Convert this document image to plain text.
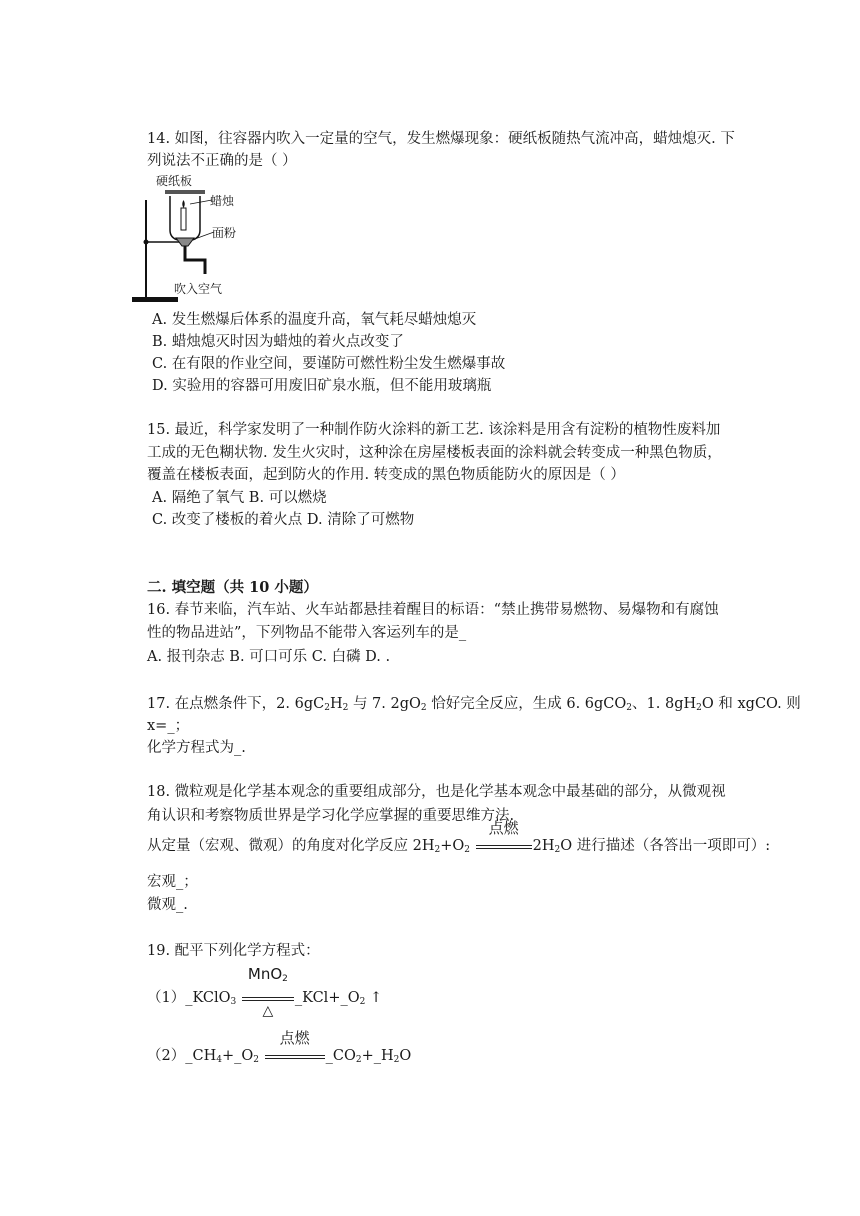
14. 如图，往容器内吹入一定量的空气，发生燃爆现象：硬纸板随热气流冲高，蜡烛熄灭. 下
列说法不正确的是（ ）
硬纸板
蜡烛
面粉
吹入空气
A. 发生燃爆后体系的温度升高，氧气耗尽蜡烛熄灭
B. 蜡烛熄灭时因为蜡烛的着火点改变了
C. 在有限的作业空间，要谨防可燃性粉尘发生燃爆事故
D. 实验用的容器可用废旧矿泉水瓶，但不能用玻璃瓶
15. 最近，科学家发明了一种制作防火涂料的新工艺. 该涂料是用含有淀粉的植物性废料加
工成的无色糊状物. 发生火灾时，这种涂在房屋楼板表面的涂料就会转变成一种黑色物质，
覆盖在楼板表面，起到防火的作用. 转变成的黑色物质能防火的原因是（ ）
A. 隔绝了氧气 B. 可以燃烧
C. 改变了楼板的着火点 D. 清除了可燃物
二. 填空题（共 10 小题）
16. 春节来临，汽车站、火车站都悬挂着醒目的标语：“禁止携带易燃物、易爆物和有腐蚀
性的物品进站”，下列物品不能带入客运列车的是_
A. 报刊杂志 B. 可口可乐 C. 白磷 D. .
17. 在点燃条件下，2. $6gC_2H_2$ 与 7. $2gO_2$ 恰好完全反应，生成 6. 6gCO$_2$、1. $8gH_2O$ 和 xgCO. 则
x=_；
化学方程式为_.
18. 微粒观是化学基本观念的重要组成部分，也是化学基本观念中最基础的部分，从微观视
角认识和考察物质世界是学习化学应掌握的重要思维方法.
从定量（宏观、微观）的角度对化学反应 $2H_2+O_2$
点燃
$2H_2O$ 进行描述（各答出一项即可）:
宏观_；
微观_.
19. 配平下列化学方程式：
（1）_KClO$_3$
MnO$_2$
△
$\_KCl+\_O_2$ ↑
$(2)\_CH_4+\_O_2$
点燃
$\_CO_2+\_H_2O$
